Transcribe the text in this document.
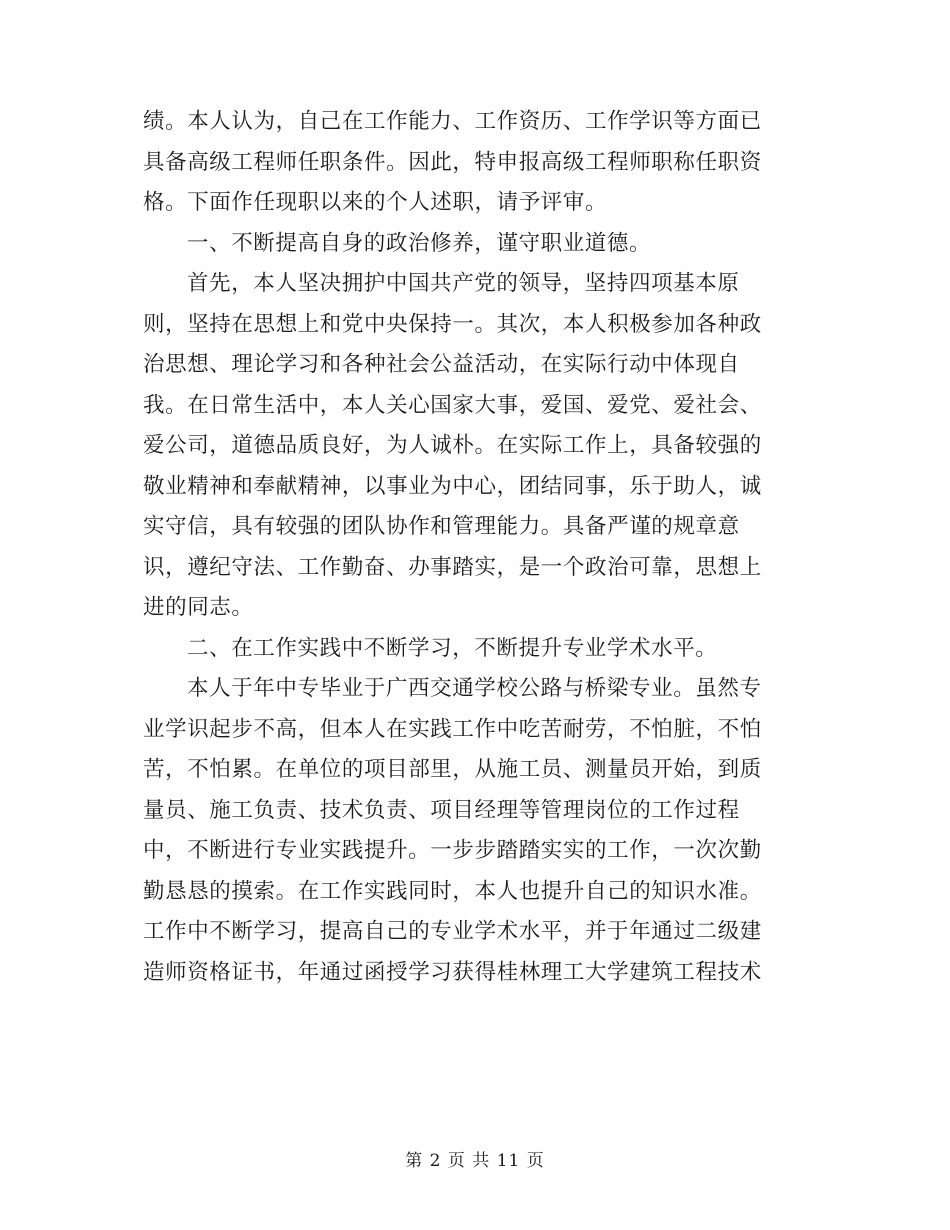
绩。本人认为，自己在工作能力、工作资历、工作学识等方面已
具备高级工程师任职条件。因此，特申报高级工程师职称任职资
格。下面作任现职以来的个人述职，请予评审。
一、不断提高自身的政治修养，谨守职业道德。
首先，本人坚决拥护中国共产党的领导，坚持四项基本原
则，坚持在思想上和党中央保持一。其次，本人积极参加各种政
治思想、理论学习和各种社会公益活动，在实际行动中体现自
我。在日常生活中，本人关心国家大事，爱国、爱党、爱社会、
爱公司，道德品质良好，为人诚朴。在实际工作上，具备较强的
敬业精神和奉献精神，以事业为中心，团结同事，乐于助人，诚
实守信，具有较强的团队协作和管理能力。具备严谨的规章意
识，遵纪守法、工作勤奋、办事踏实，是一个政治可靠，思想上
进的同志。
二、在工作实践中不断学习，不断提升专业学术水平。
本人于年中专毕业于广西交通学校公路与桥梁专业。虽然专
业学识起步不高，但本人在实践工作中吃苦耐劳，不怕脏，不怕
苦，不怕累。在单位的项目部里，从施工员、测量员开始，到质
量员、施工负责、技术负责、项目经理等管理岗位的工作过程
中，不断进行专业实践提升。一步步踏踏实实的工作，一次次勤
勤恳恳的摸索。在工作实践同时，本人也提升自己的知识水准。
工作中不断学习，提高自己的专业学术水平，并于年通过二级建
造师资格证书，年通过函授学习获得桂林理工大学建筑工程技术
第 2 页 共 11 页
